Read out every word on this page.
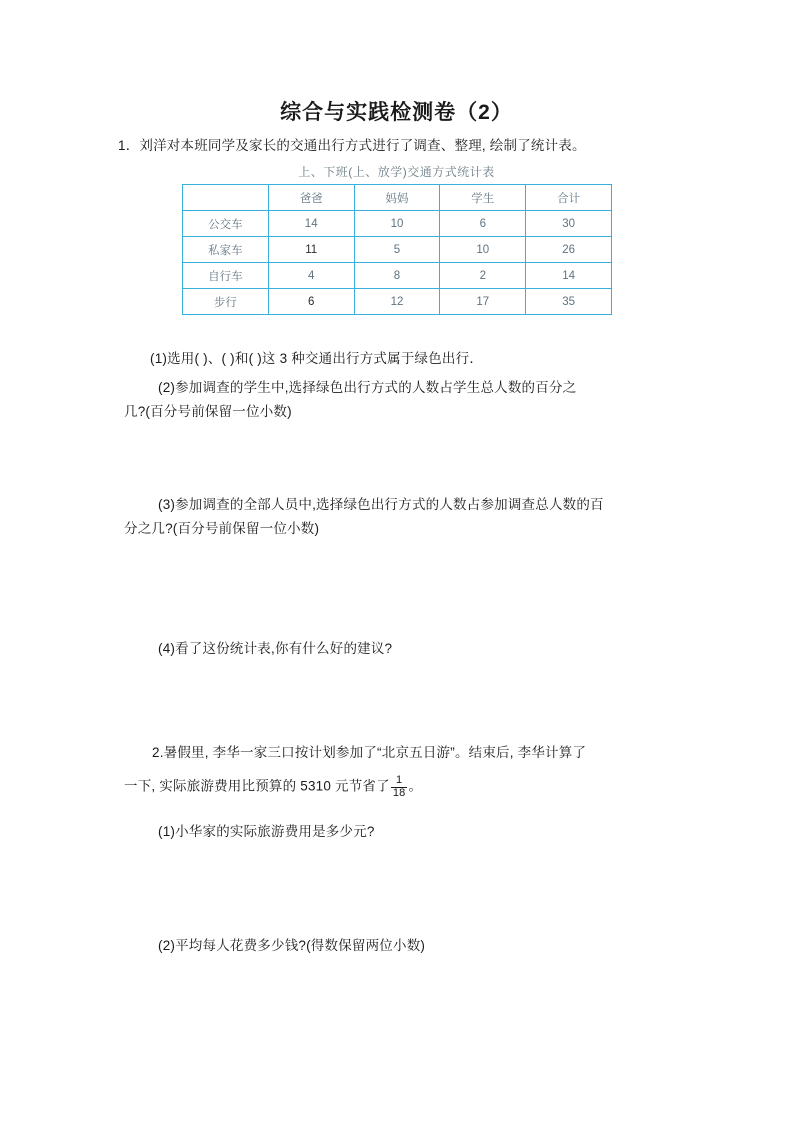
综合与实践检测卷（2）
1．刘洋对本班同学及家长的交通出行方式进行了调查、整理, 绘制了统计表。
上、下班(上、放学)交通方式统计表
	爸爸	妈妈	学生	合计
公交车	14	10	6	30
私家车	11	5	10	26
自行车	4	8	2	14
步行	6	12	17	35
(1)选用( )、( )和( )这 3 种交通出行方式属于绿色出行．
(2)参加调查的学生中,选择绿色出行方式的人数占学生总人数的百分之
几?(百分号前保留一位小数)
(3)参加调查的全部人员中,选择绿色出行方式的人数占参加调查总人数的百
分之几?(百分号前保留一位小数)
(4)看了这份统计表,你有什么好的建议?
2.暑假里, 李华一家三口按计划参加了“北京五日游”。结束后, 李华计算了
一下, 实际旅游费用比预算的 5310 元节省了 $\frac{1}{18}$ 。
(1)小华家的实际旅游费用是多少元?
(2)平均每人花费多少钱?(得数保留两位小数)
